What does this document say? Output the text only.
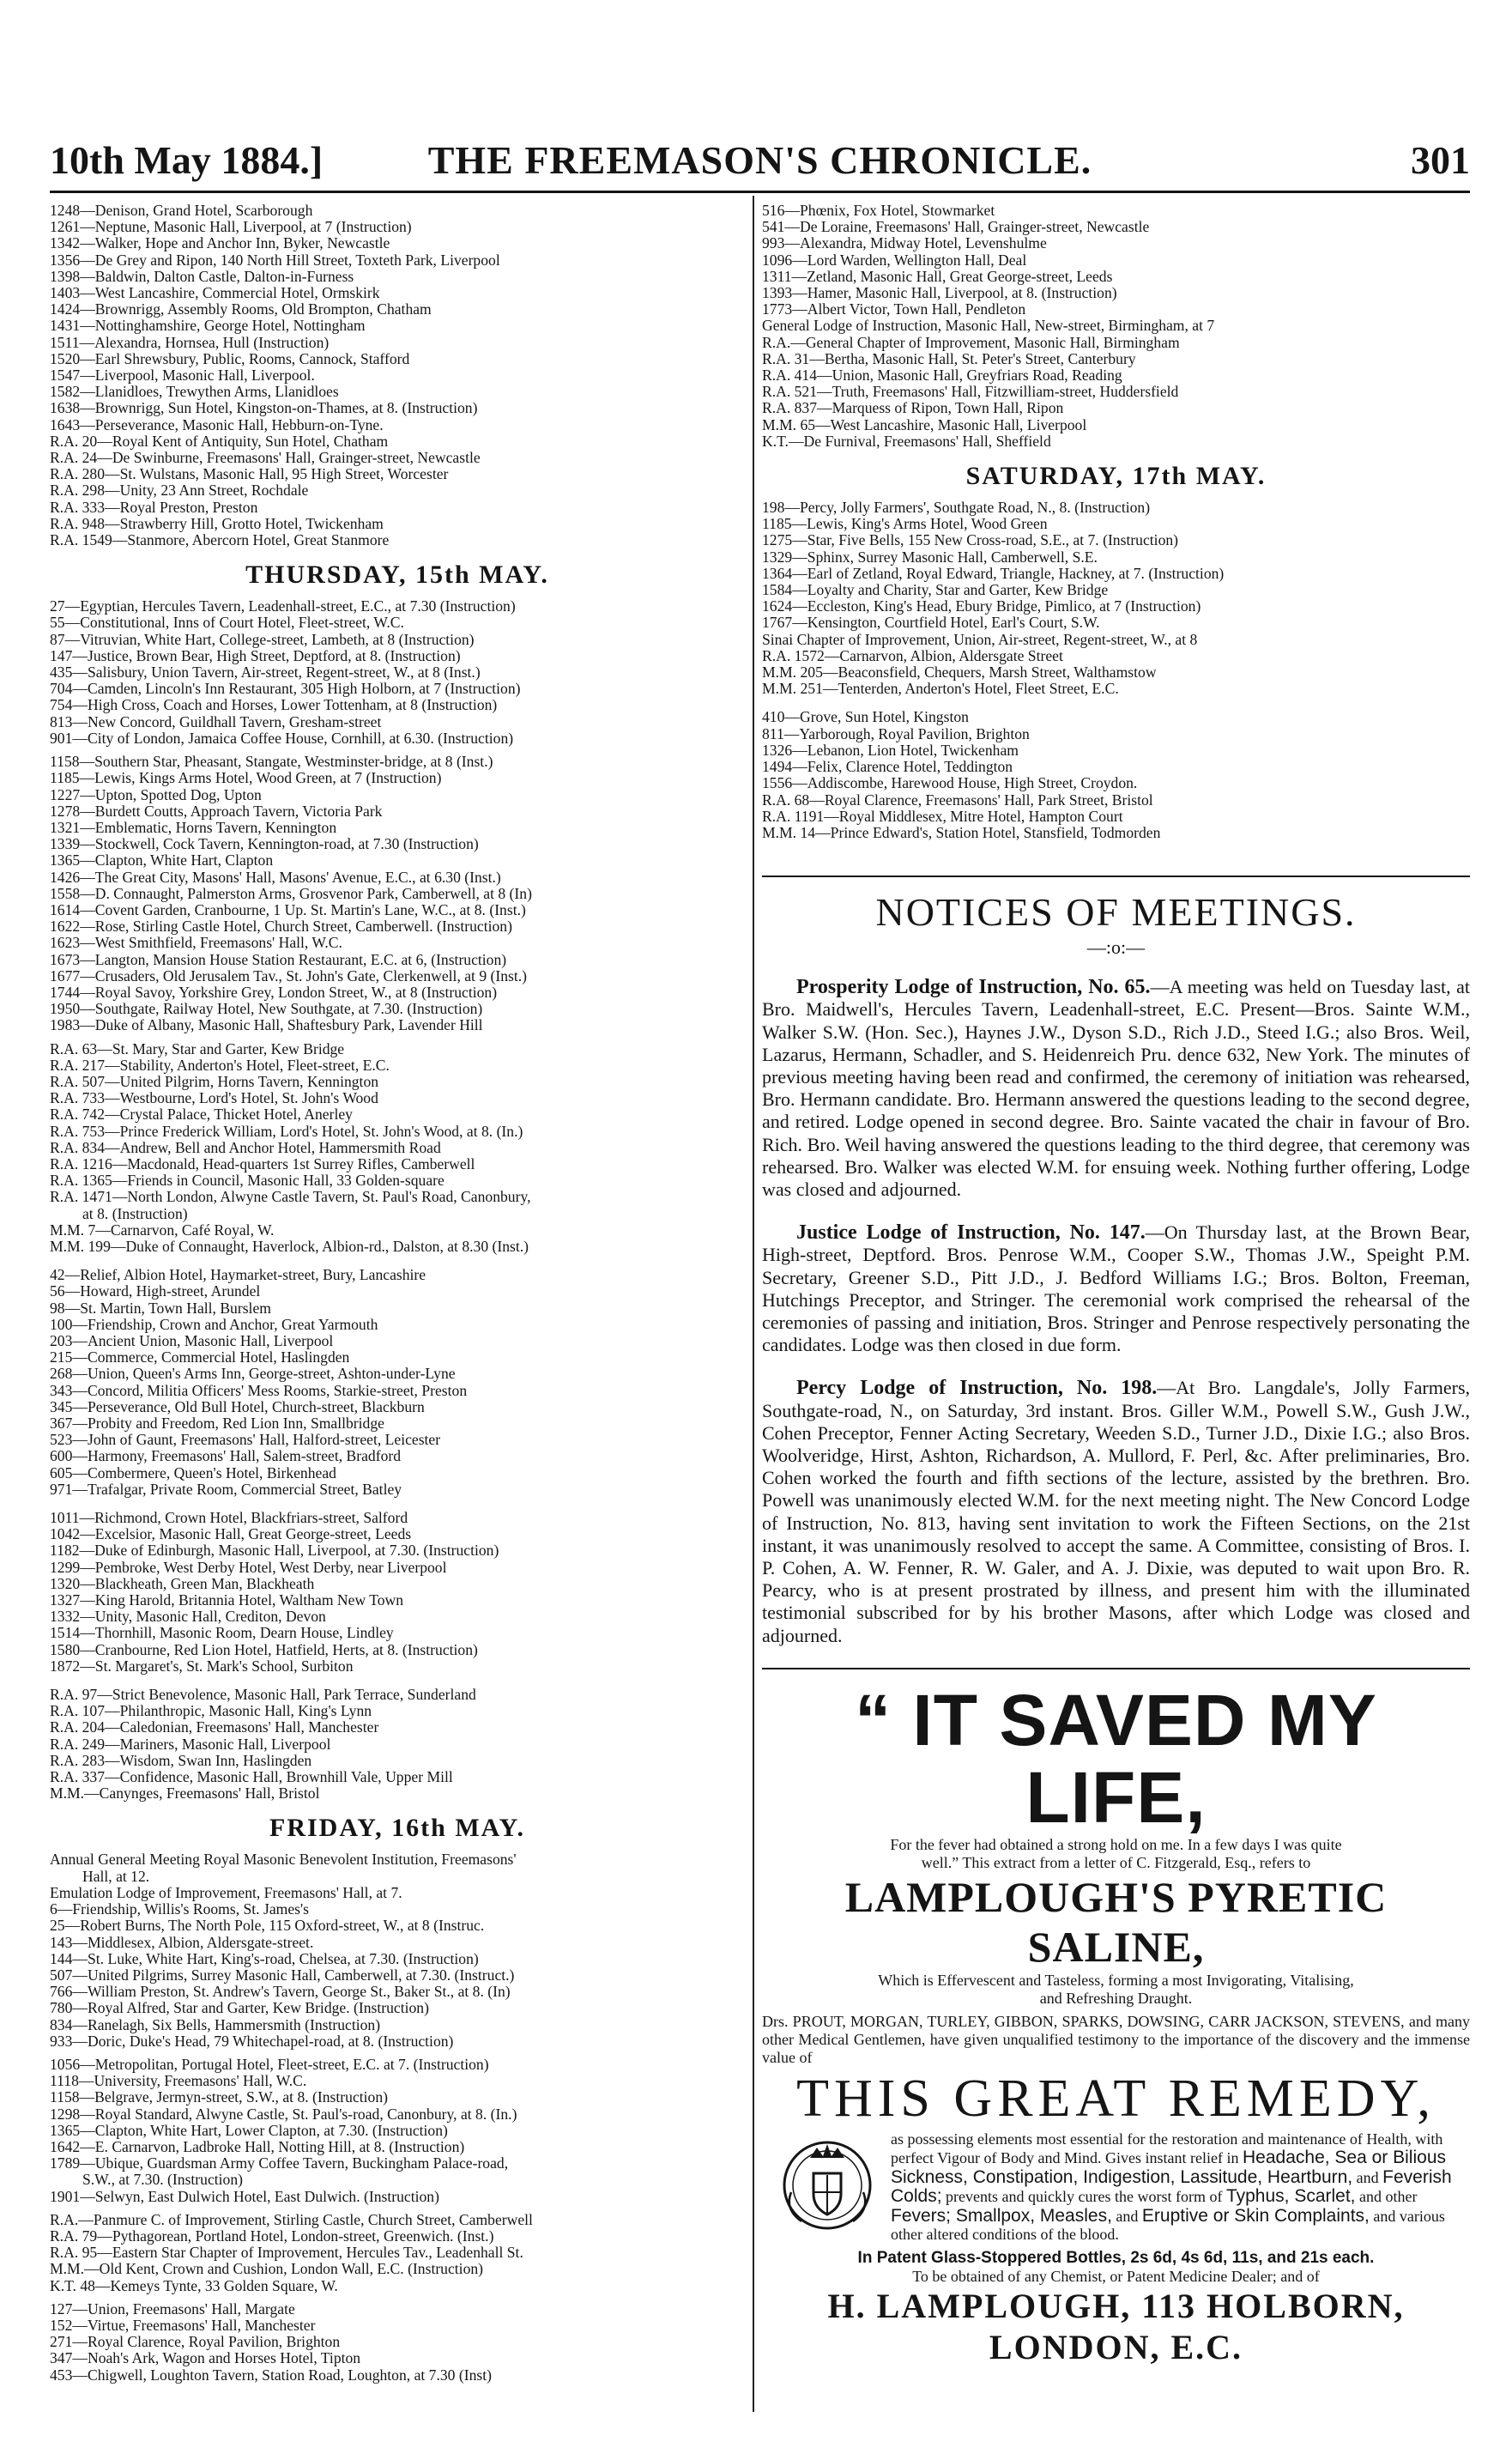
10th May 1884.]	THE FREEMASON'S CHRONICLE.	301
1248—Denison, Grand Hotel, Scarborough
1261—Neptune, Masonic Hall, Liverpool, at 7 (Instruction)
1342—Walker, Hope and Anchor Inn, Byker, Newcastle
1356—De Grey and Ripon, 140 North Hill Street, Toxteth Park, Liverpool
1398—Baldwin, Dalton Castle, Dalton-in-Furness
1403—West Lancashire, Commercial Hotel, Ormskirk
1424—Brownrigg, Assembly Rooms, Old Brompton, Chatham
1431—Nottinghamshire, George Hotel, Nottingham
1511—Alexandra, Hornsea, Hull (Instruction)
1520—Earl Shrewsbury, Public, Rooms, Cannock, Stafford
1547—Liverpool, Masonic Hall, Liverpool.
1582—Llanidloes, Trewythen Arms, Llanidloes
1638—Brownrigg, Sun Hotel, Kingston-on-Thames, at 8. (Instruction)
1643—Perseverance, Masonic Hall, Hebburn-on-Tyne.
R.A. 20—Royal Kent of Antiquity, Sun Hotel, Chatham
R.A. 24—De Swinburne, Freemasons' Hall, Grainger-street, Newcastle
R.A. 280—St. Wulstans, Masonic Hall, 95 High Street, Worcester
R.A. 298—Unity, 23 Ann Street, Rochdale
R.A. 333—Royal Preston, Preston
R.A. 948—Strawberry Hill, Grotto Hotel, Twickenham
R.A. 1549—Stanmore, Abercorn Hotel, Great Stanmore
THURSDAY, 15th MAY.
27—Egyptian, Hercules Tavern, Leadenhall-street, E.C., at 7.30 (Instruction)
55—Constitutional, Inns of Court Hotel, Fleet-street, W.C.
87—Vitruvian, White Hart, College-street, Lambeth, at 8 (Instruction)
147—Justice, Brown Bear, High Street, Deptford, at 8. (Instruction)
435—Salisbury, Union Tavern, Air-street, Regent-street, W., at 8 (Inst.)
704—Camden, Lincoln's Inn Restaurant, 305 High Holborn, at 7 (Instruction)
754—High Cross, Coach and Horses, Lower Tottenham, at 8 (Instruction)
813—New Concord, Guildhall Tavern, Gresham-street
901—City of London, Jamaica Coffee House, Cornhill, at 6.30. (Instruction)
1158—Southern Star, Pheasant, Stangate, Westminster-bridge, at 8 (Inst.)
1185—Lewis, Kings Arms Hotel, Wood Green, at 7 (Instruction)
1227—Upton, Spotted Dog, Upton
1278—Burdett Coutts, Approach Tavern, Victoria Park
1321—Emblematic, Horns Tavern, Kennington
1339—Stockwell, Cock Tavern, Kennington-road, at 7.30 (Instruction)
1365—Clapton, White Hart, Clapton
1426—The Great City, Masons' Hall, Masons' Avenue, E.C., at 6.30 (Inst.)
1558—D. Connaught, Palmerston Arms, Grosvenor Park, Camberwell, at 8 (In)
1614—Covent Garden, Cranbourne, 1 Up. St. Martin's Lane, W.C., at 8. (Inst.)
1622—Rose, Stirling Castle Hotel, Church Street, Camberwell. (Instruction)
1623—West Smithfield, Freemasons' Hall, W.C.
1673—Langton, Mansion House Station Restaurant, E.C. at 6, (Instruction)
1677—Crusaders, Old Jerusalem Tav., St. John's Gate, Clerkenwell, at 9 (Inst.)
1744—Royal Savoy, Yorkshire Grey, London Street, W., at 8 (Instruction)
1950—Southgate, Railway Hotel, New Southgate, at 7.30. (Instruction)
1983—Duke of Albany, Masonic Hall, Shaftesbury Park, Lavender Hill
R.A. 63—St. Mary, Star and Garter, Kew Bridge
R.A. 217—Stability, Anderton's Hotel, Fleet-street, E.C.
R.A. 507—United Pilgrim, Horns Tavern, Kennington
R.A. 733—Westbourne, Lord's Hotel, St. John's Wood
R.A. 742—Crystal Palace, Thicket Hotel, Anerley
R.A. 753—Prince Frederick William, Lord's Hotel, St. John's Wood, at 8. (In.)
R.A. 834—Andrew, Bell and Anchor Hotel, Hammersmith Road
R.A. 1216—Macdonald, Head-quarters 1st Surrey Rifles, Camberwell
R.A. 1365—Friends in Council, Masonic Hall, 33 Golden-square
R.A. 1471—North London, Alwyne Castle Tavern, St. Paul's Road, Canonbury,
at 8. (Instruction)
M.M. 7—Carnarvon, Café Royal, W.
M.M. 199—Duke of Connaught, Haverlock, Albion-rd., Dalston, at 8.30 (Inst.)
42—Relief, Albion Hotel, Haymarket-street, Bury, Lancashire
56—Howard, High-street, Arundel
98—St. Martin, Town Hall, Burslem
100—Friendship, Crown and Anchor, Great Yarmouth
203—Ancient Union, Masonic Hall, Liverpool
215—Commerce, Commercial Hotel, Haslingden
268—Union, Queen's Arms Inn, George-street, Ashton-under-Lyne
343—Concord, Militia Officers' Mess Rooms, Starkie-street, Preston
345—Perseverance, Old Bull Hotel, Church-street, Blackburn
367—Probity and Freedom, Red Lion Inn, Smallbridge
523—John of Gaunt, Freemasons' Hall, Halford-street, Leicester
600—Harmony, Freemasons' Hall, Salem-street, Bradford
605—Combermere, Queen's Hotel, Birkenhead
971—Trafalgar, Private Room, Commercial Street, Batley
1011—Richmond, Crown Hotel, Blackfriars-street, Salford
1042—Excelsior, Masonic Hall, Great George-street, Leeds
1182—Duke of Edinburgh, Masonic Hall, Liverpool, at 7.30. (Instruction)
1299—Pembroke, West Derby Hotel, West Derby, near Liverpool
1320—Blackheath, Green Man, Blackheath
1327—King Harold, Britannia Hotel, Waltham New Town
1332—Unity, Masonic Hall, Crediton, Devon
1514—Thornhill, Masonic Room, Dearn House, Lindley
1580—Cranbourne, Red Lion Hotel, Hatfield, Herts, at 8. (Instruction)
1872—St. Margaret's, St. Mark's School, Surbiton
R.A. 97—Strict Benevolence, Masonic Hall, Park Terrace, Sunderland
R.A. 107—Philanthropic, Masonic Hall, King's Lynn
R.A. 204—Caledonian, Freemasons' Hall, Manchester
R.A. 249—Mariners, Masonic Hall, Liverpool
R.A. 283—Wisdom, Swan Inn, Haslingden
R.A. 337—Confidence, Masonic Hall, Brownhill Vale, Upper Mill
M.M.—Canynges, Freemasons' Hall, Bristol
FRIDAY, 16th MAY.
Annual General Meeting Royal Masonic Benevolent Institution, Freemasons'
Hall, at 12.
Emulation Lodge of Improvement, Freemasons' Hall, at 7.
6—Friendship, Willis's Rooms, St. James's
25—Robert Burns, The North Pole, 115 Oxford-street, W., at 8 (Instruc.
143—Middlesex, Albion, Aldersgate-street.
144—St. Luke, White Hart, King's-road, Chelsea, at 7.30. (Instruction)
507—United Pilgrims, Surrey Masonic Hall, Camberwell, at 7.30. (Instruct.)
766—William Preston, St. Andrew's Tavern, George St., Baker St., at 8. (In)
780—Royal Alfred, Star and Garter, Kew Bridge. (Instruction)
834—Ranelagh, Six Bells, Hammersmith (Instruction)
933—Doric, Duke's Head, 79 Whitechapel-road, at 8. (Instruction)
1056—Metropolitan, Portugal Hotel, Fleet-street, E.C. at 7. (Instruction)
1118—University, Freemasons' Hall, W.C.
1158—Belgrave, Jermyn-street, S.W., at 8. (Instruction)
1298—Royal Standard, Alwyne Castle, St. Paul's-road, Canonbury, at 8. (In.)
1365—Clapton, White Hart, Lower Clapton, at 7.30. (Instruction)
1642—E. Carnarvon, Ladbroke Hall, Notting Hill, at 8. (Instruction)
1789—Ubique, Guardsman Army Coffee Tavern, Buckingham Palace-road,
S.W., at 7.30. (Instruction)
1901—Selwyn, East Dulwich Hotel, East Dulwich. (Instruction)
R.A.—Panmure C. of Improvement, Stirling Castle, Church Street, Camberwell
R.A. 79—Pythagorean, Portland Hotel, London-street, Greenwich. (Inst.)
R.A. 95—Eastern Star Chapter of Improvement, Hercules Tav., Leadenhall St.
M.M.—Old Kent, Crown and Cushion, London Wall, E.C. (Instruction)
K.T. 48—Kemeys Tynte, 33 Golden Square, W.
127—Union, Freemasons' Hall, Margate
152—Virtue, Freemasons' Hall, Manchester
271—Royal Clarence, Royal Pavilion, Brighton
347—Noah's Ark, Wagon and Horses Hotel, Tipton
453—Chigwell, Loughton Tavern, Station Road, Loughton, at 7.30 (Inst)
516—Phœnix, Fox Hotel, Stowmarket
541—De Loraine, Freemasons' Hall, Grainger-street, Newcastle
993—Alexandra, Midway Hotel, Levenshulme
1096—Lord Warden, Wellington Hall, Deal
1311—Zetland, Masonic Hall, Great George-street, Leeds
1393—Hamer, Masonic Hall, Liverpool, at 8. (Instruction)
1773—Albert Victor, Town Hall, Pendleton
General Lodge of Instruction, Masonic Hall, New-street, Birmingham, at 7
R.A.—General Chapter of Improvement, Masonic Hall, Birmingham
R.A. 31—Bertha, Masonic Hall, St. Peter's Street, Canterbury
R.A. 414—Union, Masonic Hall, Greyfriars Road, Reading
R.A. 521—Truth, Freemasons' Hall, Fitzwilliam-street, Huddersfield
R.A. 837—Marquess of Ripon, Town Hall, Ripon
M.M. 65—West Lancashire, Masonic Hall, Liverpool
K.T.—De Furnival, Freemasons' Hall, Sheffield
SATURDAY, 17th MAY.
198—Percy, Jolly Farmers', Southgate Road, N., 8. (Instruction)
1185—Lewis, King's Arms Hotel, Wood Green
1275—Star, Five Bells, 155 New Cross-road, S.E., at 7. (Instruction)
1329—Sphinx, Surrey Masonic Hall, Camberwell, S.E.
1364—Earl of Zetland, Royal Edward, Triangle, Hackney, at 7. (Instruction)
1584—Loyalty and Charity, Star and Garter, Kew Bridge
1624—Eccleston, King's Head, Ebury Bridge, Pimlico, at 7 (Instruction)
1767—Kensington, Courtfield Hotel, Earl's Court, S.W.
Sinai Chapter of Improvement, Union, Air-street, Regent-street, W., at 8
R.A. 1572—Carnarvon, Albion, Aldersgate Street
M.M. 205—Beaconsfield, Chequers, Marsh Street, Walthamstow
M.M. 251—Tenterden, Anderton's Hotel, Fleet Street, E.C.
410—Grove, Sun Hotel, Kingston
811—Yarborough, Royal Pavilion, Brighton
1326—Lebanon, Lion Hotel, Twickenham
1494—Felix, Clarence Hotel, Teddington
1556—Addiscombe, Harewood House, High Street, Croydon.
R.A. 68—Royal Clarence, Freemasons' Hall, Park Street, Bristol
R.A. 1191—Royal Middlesex, Mitre Hotel, Hampton Court
M.M. 14—Prince Edward's, Station Hotel, Stansfield, Todmorden
NOTICES OF MEETINGS.
—:o:—

Prosperity Lodge of Instruction, No. 65.—A meeting was held on Tuesday last, at Bro. Maidwell's, Hercules Tavern, Leadenhall-street, E.C. Present—Bros. Sainte W.M., Walker S.W. (Hon. Sec.), Haynes J.W., Dyson S.D., Rich J.D., Steed I.G.; also Bros. Weil, Lazarus, Hermann, Schadler, and S. Heidenreich Pru. dence 632, New York. The minutes of previous meeting having been read and confirmed, the ceremony of initiation was rehearsed, Bro. Hermann candidate. Bro. Hermann answered the questions leading to the second degree, and retired. Lodge opened in second degree. Bro. Sainte vacated the chair in favour of Bro. Rich. Bro. Weil having answered the questions leading to the third degree, that ceremony was rehearsed. Bro. Walker was elected W.M. for ensuing week. Nothing further offering, Lodge was closed and adjourned.

Justice Lodge of Instruction, No. 147.—On Thursday last, at the Brown Bear, High-street, Deptford. Bros. Penrose W.M., Cooper S.W., Thomas J.W., Speight P.M. Secretary, Greener S.D., Pitt J.D., J. Bedford Williams I.G.; Bros. Bolton, Freeman, Hutchings Preceptor, and Stringer. The ceremonial work comprised the rehearsal of the ceremonies of passing and initiation, Bros. Stringer and Penrose respectively personating the candidates. Lodge was then closed in due form.

Percy Lodge of Instruction, No. 198.—At Bro. Langdale's, Jolly Farmers, Southgate-road, N., on Saturday, 3rd instant. Bros. Giller W.M., Powell S.W., Gush J.W., Cohen Preceptor, Fenner Acting Secretary, Weeden S.D., Turner J.D., Dixie I.G.; also Bros. Woolveridge, Hirst, Ashton, Richardson, A. Mullord, F. Perl, &c. After preliminaries, Bro. Cohen worked the fourth and fifth sections of the lecture, assisted by the brethren. Bro. Powell was unanimously elected W.M. for the next meeting night. The New Concord Lodge of Instruction, No. 813, having sent invitation to work the Fifteen Sections, on the 21st instant, it was unanimously resolved to accept the same. A Committee, consisting of Bros. I. P. Cohen, A. W. Fenner, R. W. Galer, and A. J. Dixie, was deputed to wait upon Bro. R. Pearcy, who is at present prostrated by illness, and present him with the illuminated testimonial subscribed for by his brother Masons, after which Lodge was closed and adjourned.

“ IT SAVED MY LIFE,

For the fever had obtained a strong hold on me. In a few days I was quite

well.” This extract from a letter of C. Fitzgerald, Esq., refers to

LAMPLOUGH'S PYRETIC SALINE,

Which is Effervescent and Tasteless, forming a most Invigorating, Vitalising,

and Refreshing Draught.

Drs. PROUT, MORGAN, TURLEY, GIBBON, SPARKS, DOWSING, CARR JACKSON, STEVENS, and many other Medical Gentlemen, have given unqualified testimony to the importance of the discovery and the immense value of

THIS GREAT REMEDY,
as possessing elements most essential for the restoration and maintenance of Health, with perfect Vigour of Body and Mind. Gives instant relief in Headache, Sea or Bilious Sickness, Constipation, Indigestion, Lassitude, Heartburn, and Feverish Colds; prevents and quickly cures the worst form of Typhus, Scarlet, and other Fevers; Smallpox, Measles, and Eruptive or Skin Complaints, and various other altered conditions of the blood.
In Patent Glass-Stoppered Bottles, 2s 6d, 4s 6d, 11s, and 21s each.
To be obtained of any Chemist, or Patent Medicine Dealer; and of
H. LAMPLOUGH, 113 HOLBORN, LONDON, E.C.
